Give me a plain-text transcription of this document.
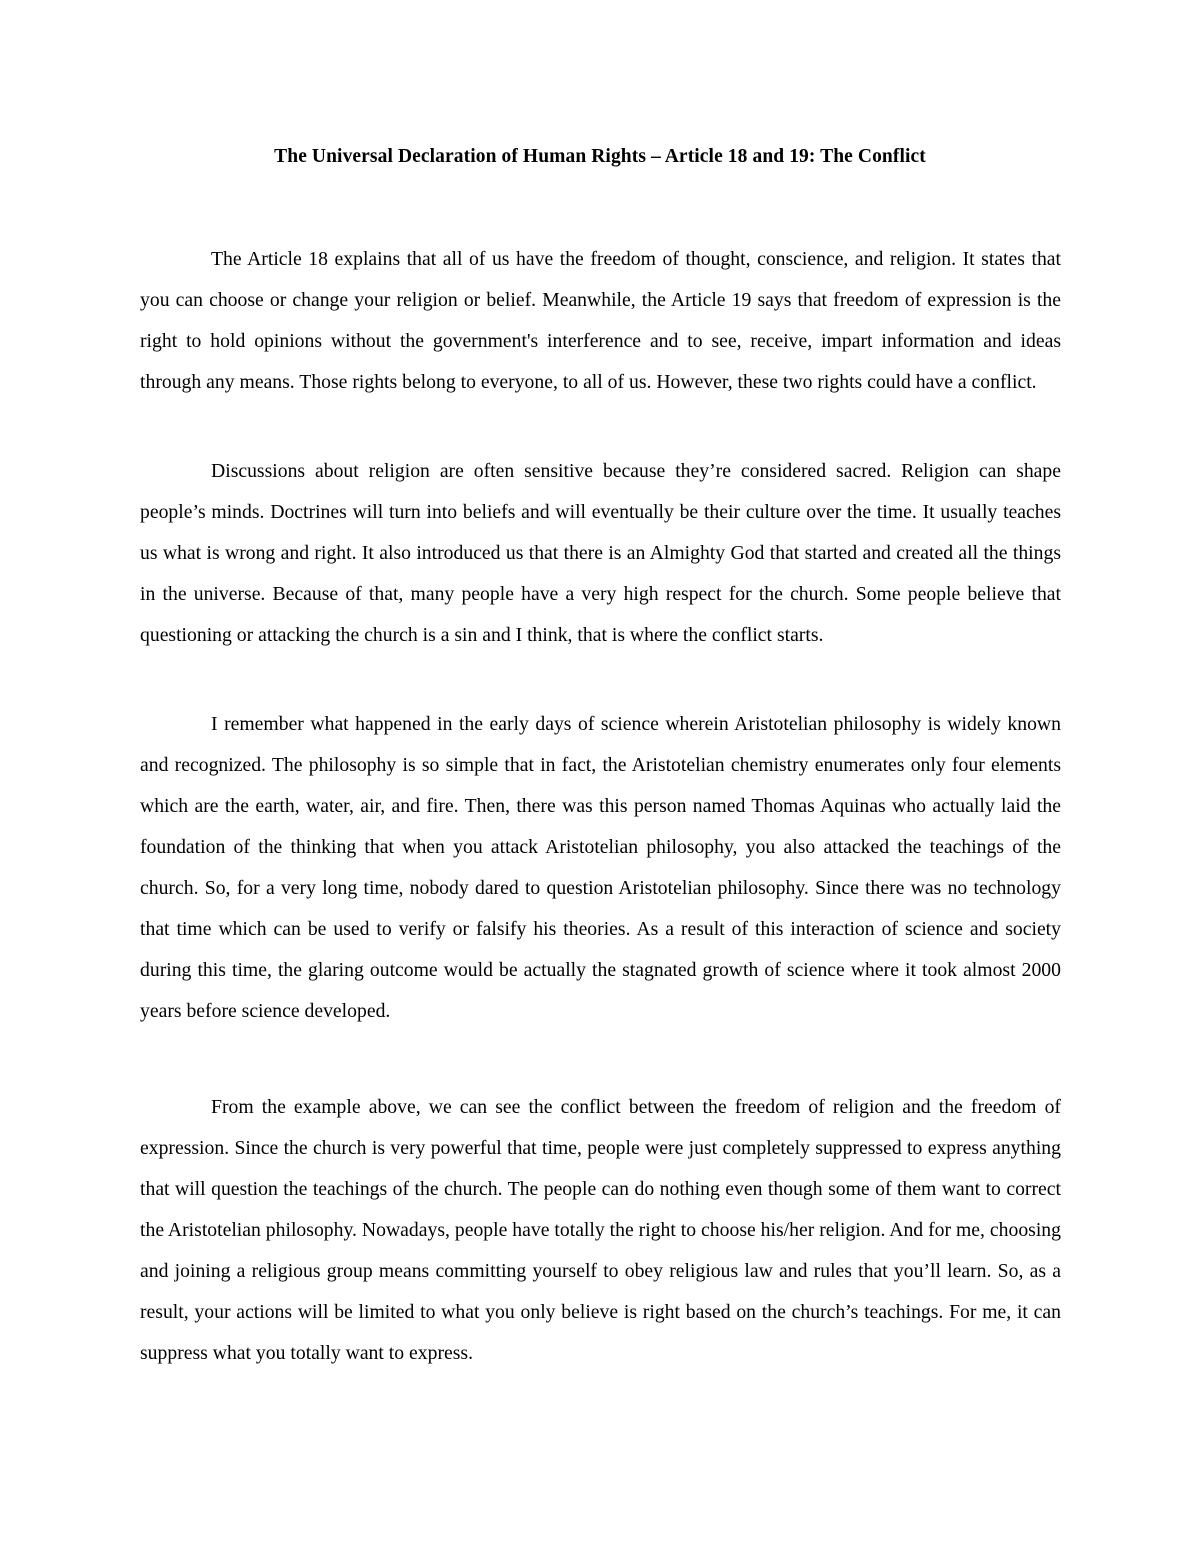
The Universal Declaration of Human Rights – Article 18 and 19: The Conflict

The Article 18 explains that all of us have the freedom of thought, conscience, and religion. It states that you can choose or change your religion or belief. Meanwhile, the Article 19 says that freedom of expression is the right to hold opinions without the government's interference and to see, receive, impart information and ideas through any means. Those rights belong to everyone, to all of us. However, these two rights could have a conflict.

Discussions about religion are often sensitive because they’re considered sacred. Religion can shape people’s minds. Doctrines will turn into beliefs and will eventually be their culture over the time. It usually teaches us what is wrong and right. It also introduced us that there is an Almighty God that started and created all the things in the universe. Because of that, many people have a very high respect for the church. Some people believe that questioning or attacking the church is a sin and I think, that is where the conflict starts.

I remember what happened in the early days of science wherein Aristotelian philosophy is widely known and recognized. The philosophy is so simple that in fact, the Aristotelian chemistry enumerates only four elements which are the earth, water, air, and fire. Then, there was this person named Thomas Aquinas who actually laid the foundation of the thinking that when you attack Aristotelian philosophy, you also attacked the teachings of the church. So, for a very long time, nobody dared to question Aristotelian philosophy. Since there was no technology that time which can be used to verify or falsify his theories. As a result of this interaction of science and society during this time, the glaring outcome would be actually the stagnated growth of science where it took almost 2000 years before science developed.

From the example above, we can see the conflict between the freedom of religion and the freedom of expression. Since the church is very powerful that time, people were just completely suppressed to express anything that will question the teachings of the church. The people can do nothing even though some of them want to correct the Aristotelian philosophy. Nowadays, people have totally the right to choose his/her religion. And for me, choosing and joining a religious group means committing yourself to obey religious law and rules that you’ll learn. So, as a result, your actions will be limited to what you only believe is right based on the church’s teachings. For me, it can suppress what you totally want to express.
